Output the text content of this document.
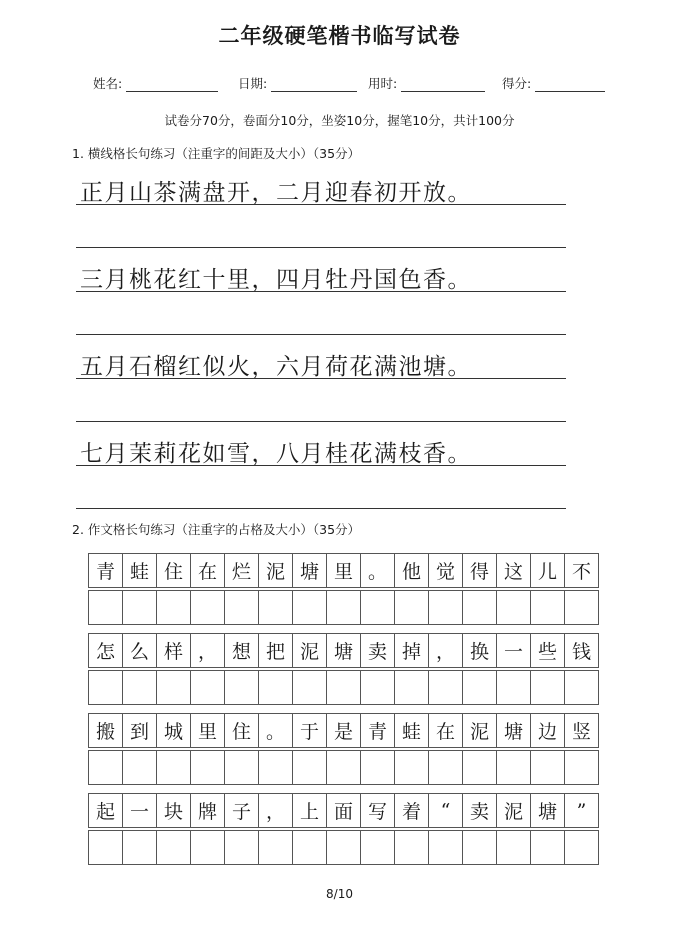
二年级硬笔楷书临写试卷
姓名:	日期:	用时:	得分:
试卷分70分，卷面分10分，坐姿10分，握笔10分，共计100分
1. 横线格长句练习（注重字的间距及大小）（35分）
正月山茶满盘开，二月迎春初开放。
三月桃花红十里，四月牡丹国色香。
五月石榴红似火，六月荷花满池塘。
七月茉莉花如雪，八月桂花满枝香。
2. 作文格长句练习（注重字的占格及大小）（35分）
青 蛙 住 在 烂 泥 塘 里 。 他 觉 得 这 儿 不
怎 么 样 ， 想 把 泥 塘 卖 掉 ， 换 一 些 钱
搬 到 城 里 住 。 于 是 青 蛙 在 泥 塘 边 竖
起 一 块 牌 子 ， 上 面 写 着	“	卖 泥 塘	”
8/10
